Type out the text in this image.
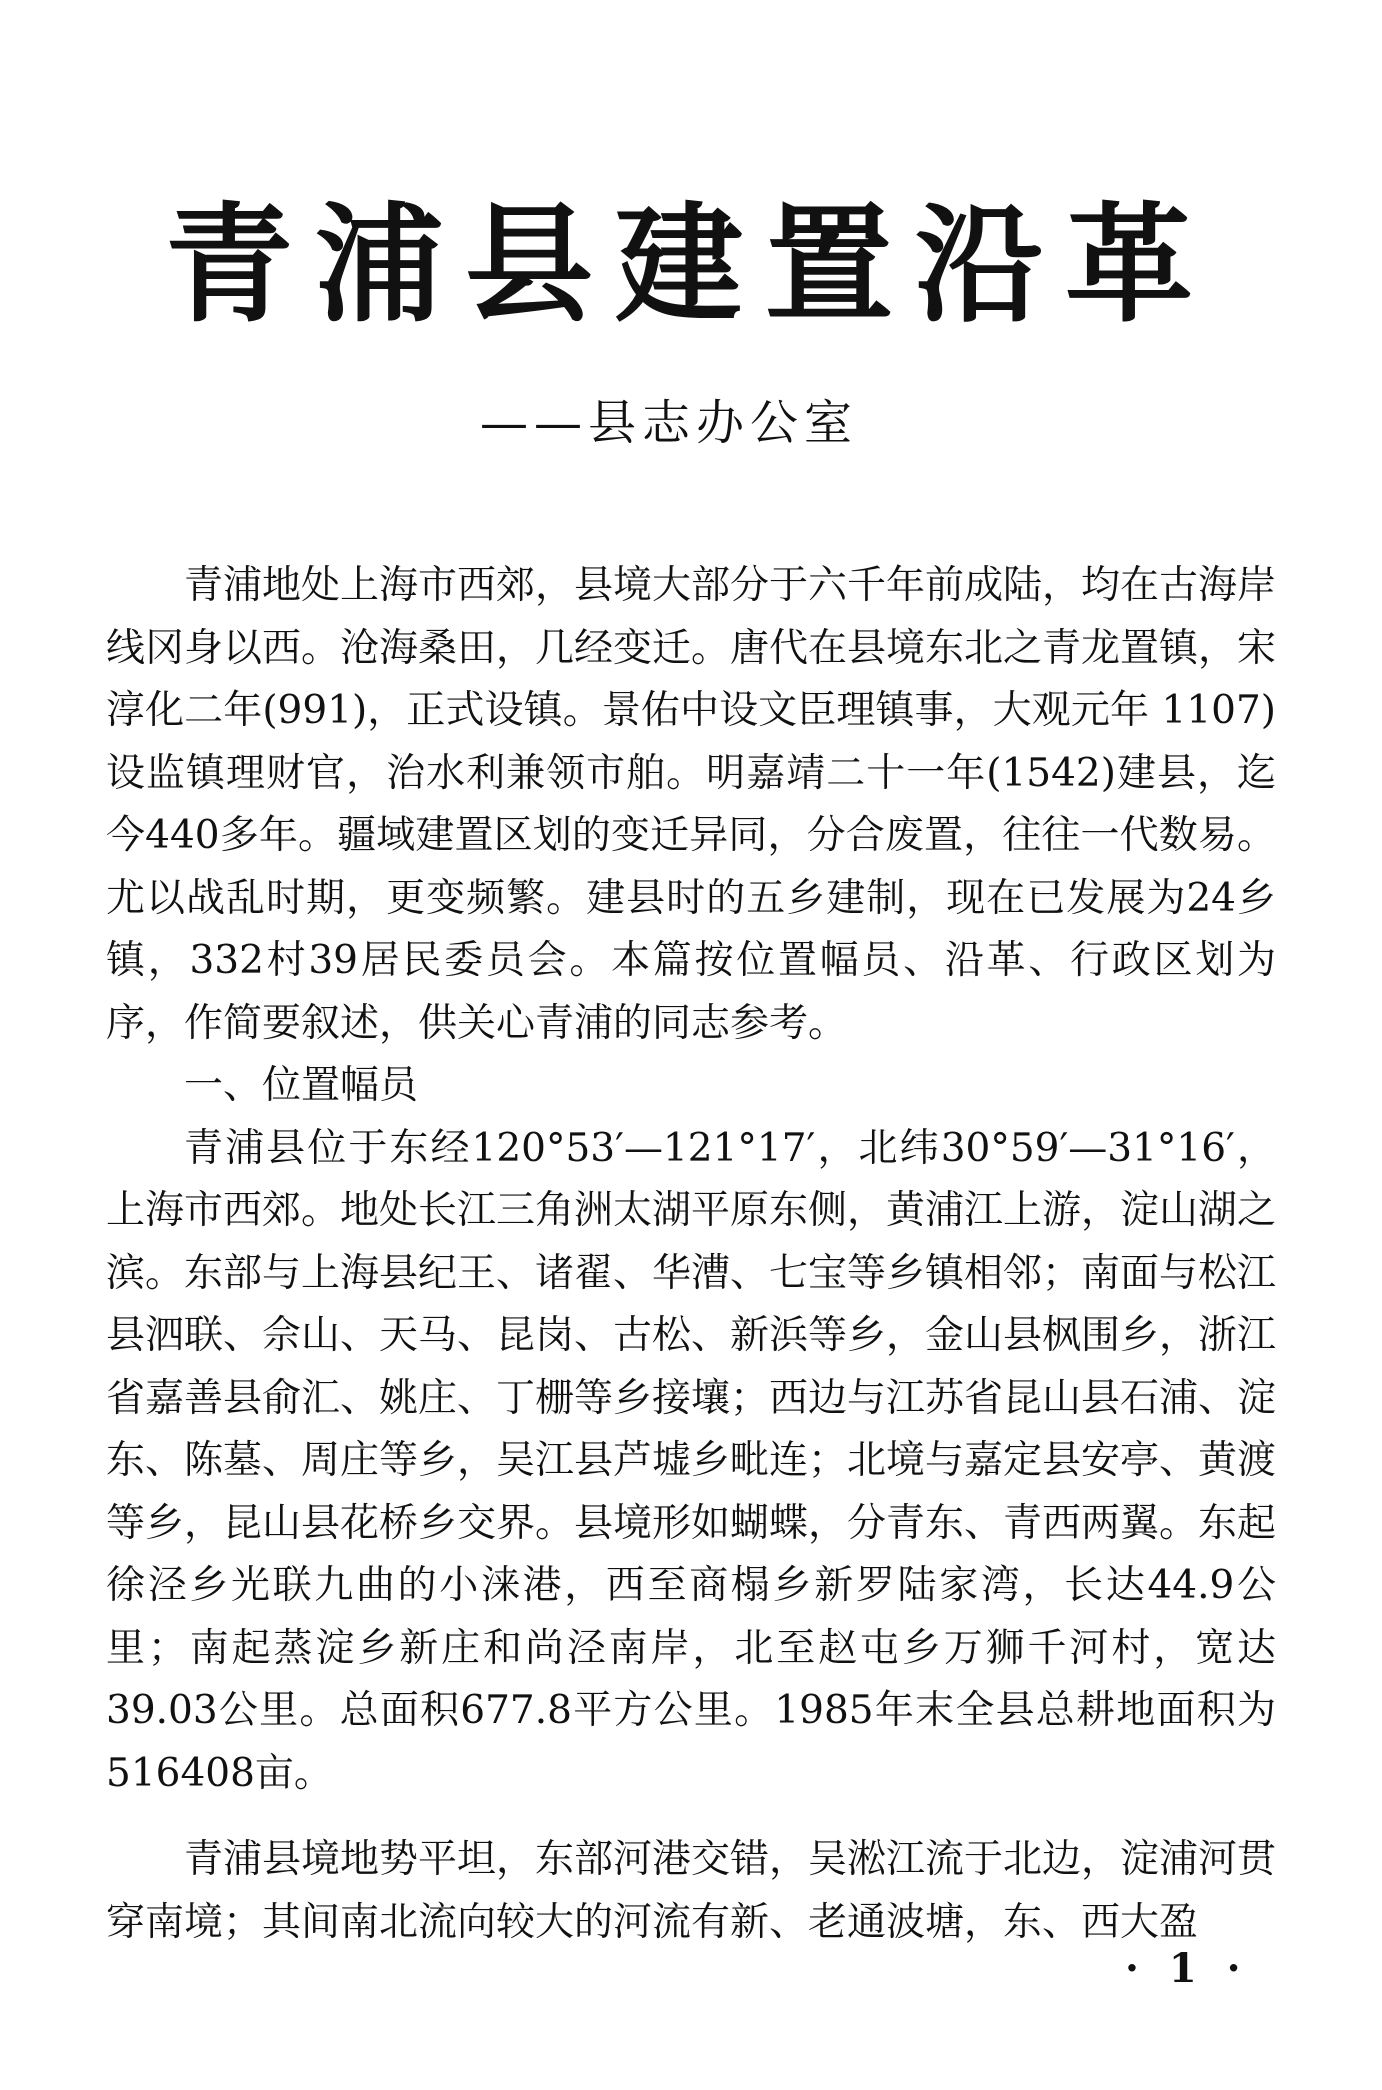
青浦县建置沿革
——县志办公室

青浦地处上海市西郊，县境大部分于六千年前成陆，均在古海岸线冈身以西。沧海桑田，几经变迁。唐代在县境东北之青龙置镇，宋淳化二年(991)，正式设镇。景佑中设文臣理镇事，大观元年 1107) 设监镇理财官，治水利兼领市舶。明嘉靖二十一年(1542)建县，迄今440多年。疆域建置区划的变迁异同，分合废置，往往一代数易。尤以战乱时期，更变频繁。建县时的五乡建制，现在已发展为24乡镇，332村39居民委员会。本篇按位置幅员、沿革、行政区划为序，作简要叙述，供关心青浦的同志参考。

一、位置幅员

青浦县位于东经120°53′—121°17′，北纬30°59′—31°16′，上海市西郊。地处长江三角洲太湖平原东侧，黄浦江上游，淀山湖之滨。东部与上海县纪王、诸翟、华漕、七宝等乡镇相邻；南面与松江县泗联、佘山、天马、昆岗、古松、新浜等乡，金山县枫围乡，浙江省嘉善县俞汇、姚庄、丁栅等乡接壤；西边与江苏省昆山县石浦、淀东、陈墓、周庄等乡，吴江县芦墟乡毗连；北境与嘉定县安亭、黄渡等乡，昆山县花桥乡交界。县境形如蝴蝶，分青东、青西两翼。东起徐泾乡光联九曲的小涞港，西至商榻乡新罗陆家湾，长达44.9公里；南起蒸淀乡新庄和尚泾南岸，北至赵屯乡万狮千河村，宽达39.03公里。总面积677.8平方公里。1985年末全县总耕地面积为516408亩。

青浦县境地势平坦，东部河港交错，吴淞江流于北边，淀浦河贯穿南境；其间南北流向较大的河流有新、老通波塘，东、西大盈

· 1 ·
